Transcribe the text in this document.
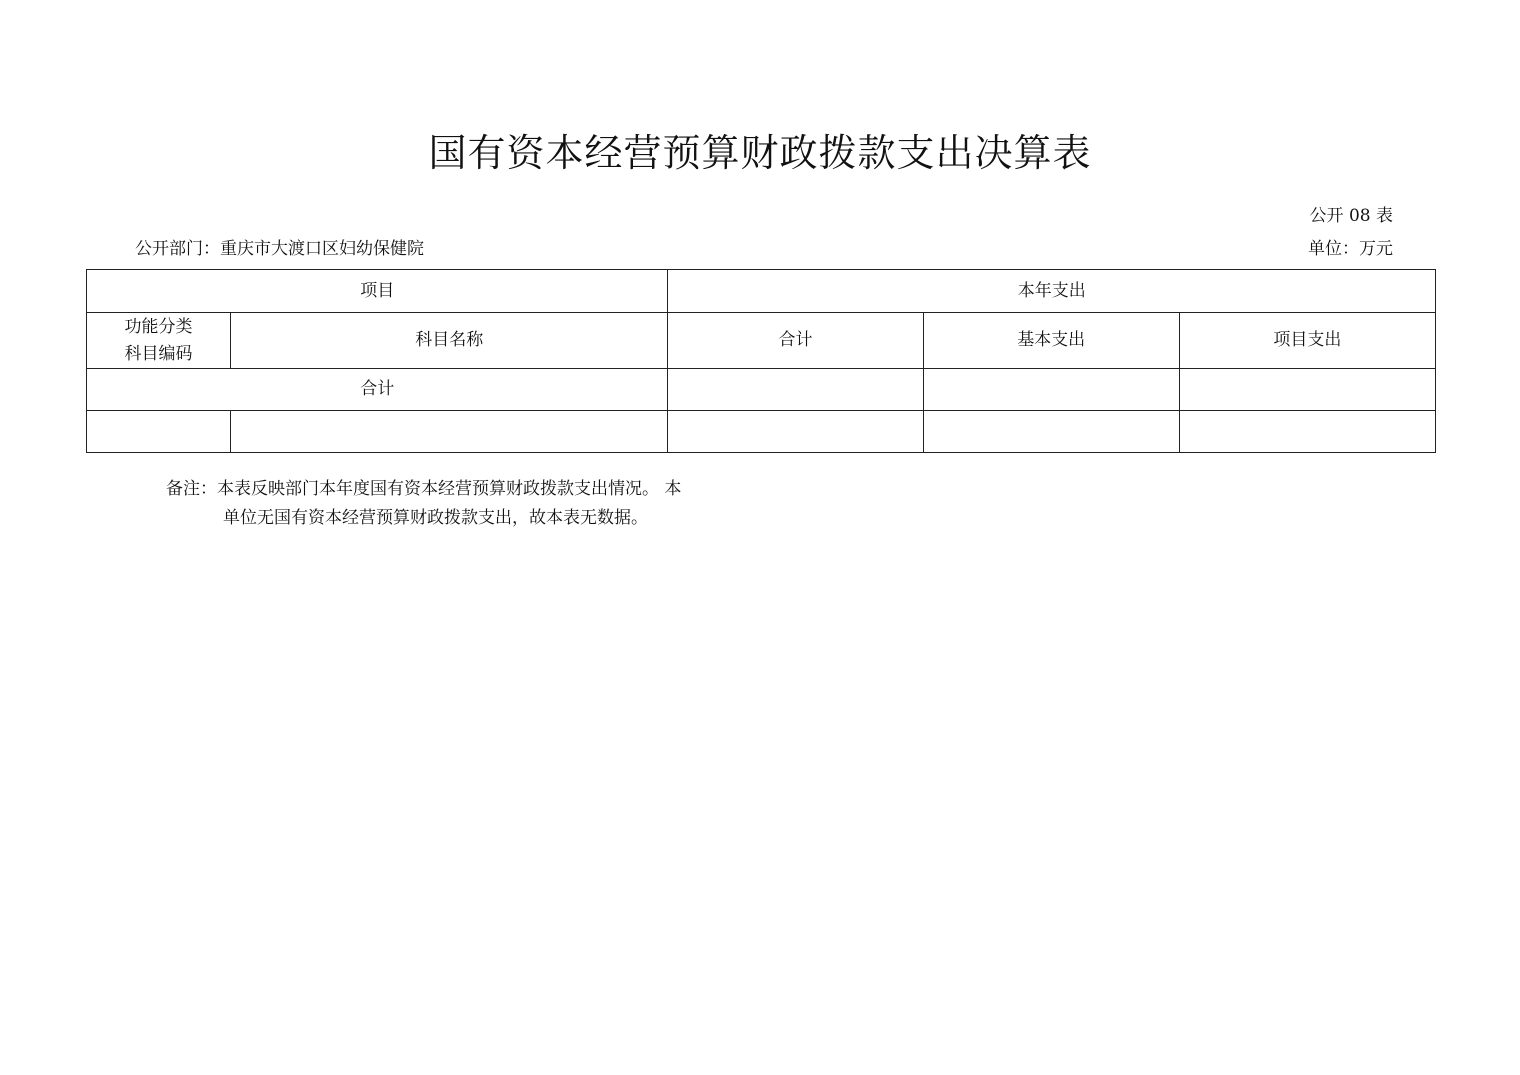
国有资本经营预算财政拨款支出决算表
公开 08 表
公开部门：重庆市大渡口区妇幼保健院	单位：万元
项目		本年支出		

功能分类
科目编码	科目名称	合计	基本支出	项目支出
合计				

备注：本表反映部门本年度国有资本经营预算财政拨款支出情况。 本
单位无国有资本经营预算财政拨款支出，故本表无数据。
